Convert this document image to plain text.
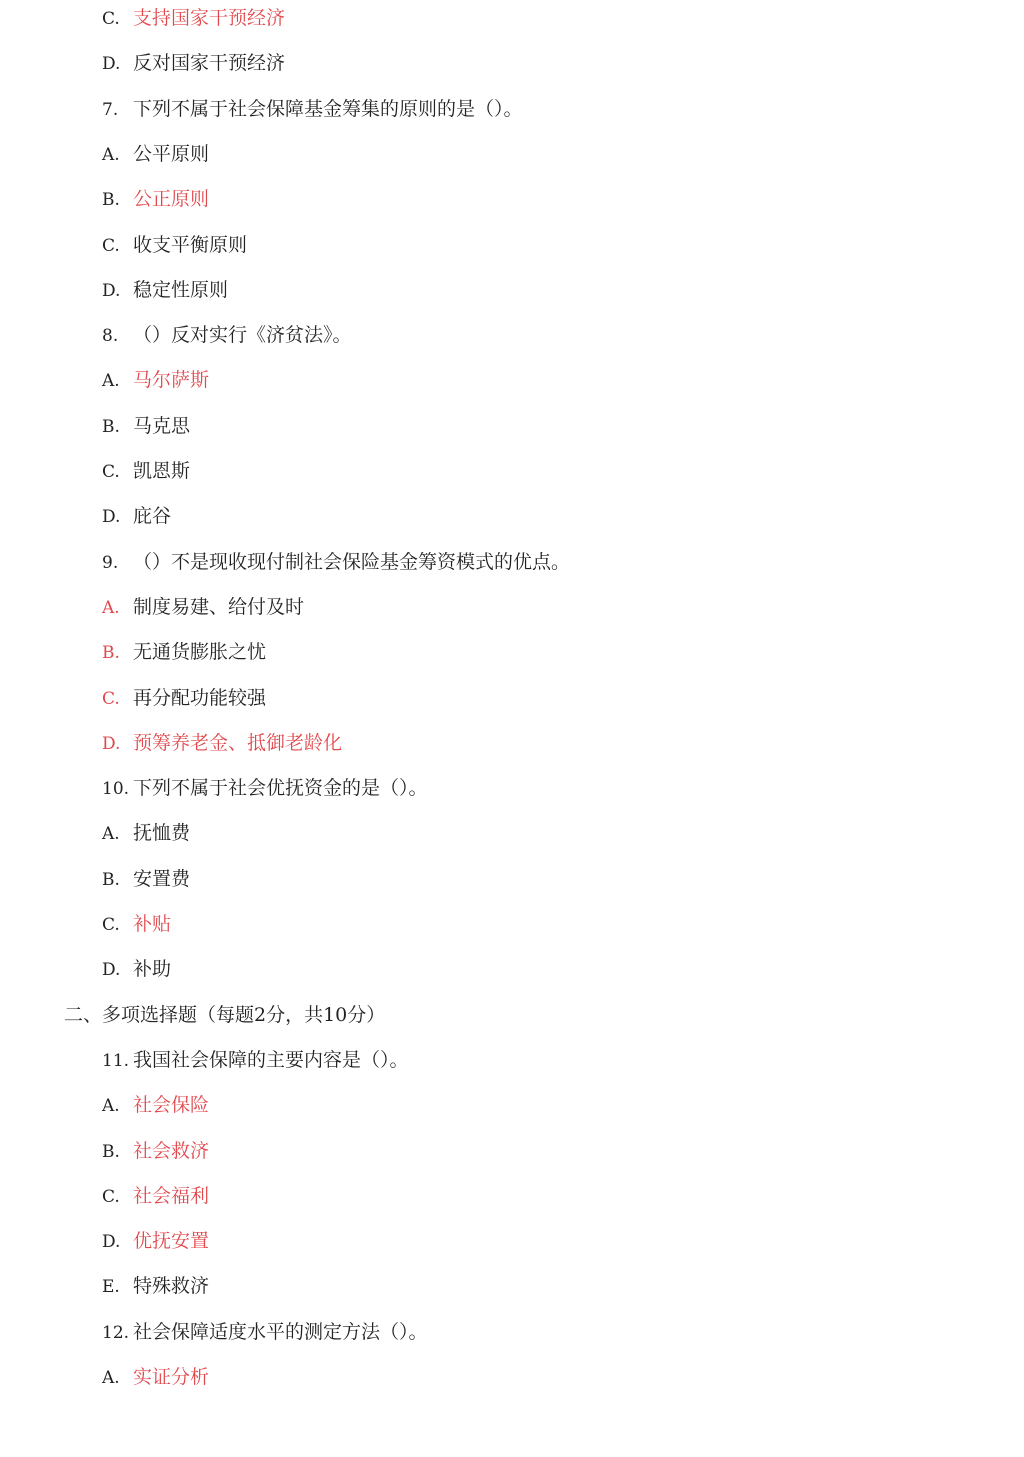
C. 支持国家干预经济
D. 反对国家干预经济
7. 下列不属于社会保障基金筹集的原则的是（）。
A. 公平原则
B. 公正原则
C. 收支平衡原则
D. 稳定性原则
8. （）反对实行《济贫法》。
A. 马尔萨斯
B. 马克思
C. 凯恩斯
D. 庇谷
9. （）不是现收现付制社会保险基金筹资模式的优点。
A. 制度易建、给付及时
B. 无通货膨胀之忧
C. 再分配功能较强
D. 预筹养老金、抵御老龄化
10. 下列不属于社会优抚资金的是（）。
A. 抚恤费
B. 安置费
C. 补贴
D. 补助
二、多项选择题（每题2分，共10分）
11. 我国社会保障的主要内容是（）。
A. 社会保险
B. 社会救济
C. 社会福利
D. 优抚安置
E. 特殊救济
12. 社会保障适度水平的测定方法（）。
A. 实证分析
